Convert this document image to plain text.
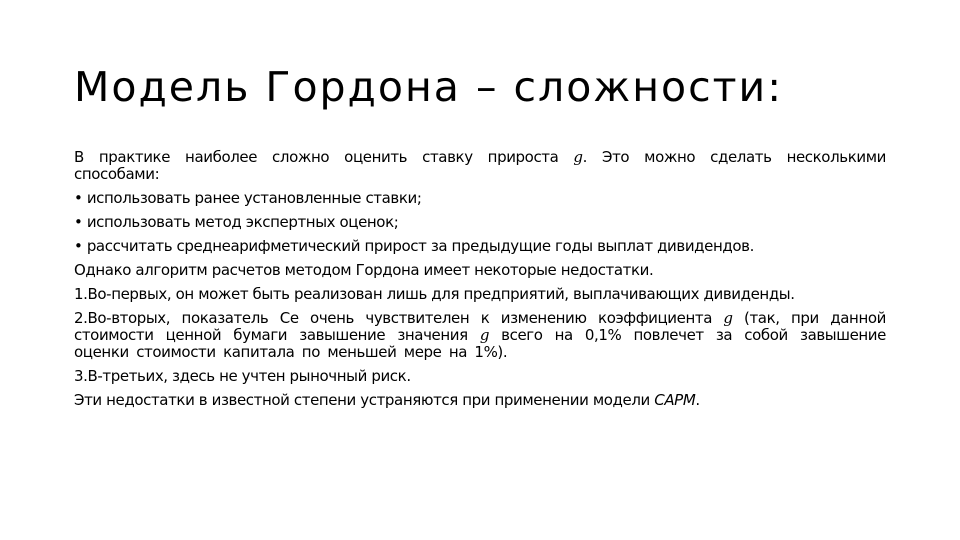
Модель Гордона – сложности:

В практике наиболее сложно оценить ставку прироста g. Это можно сделать несколькими способами:

• использовать ранее установленные ставки;

• использовать метод экспертных оценок;

• рассчитать среднеарифметический прирост за предыдущие годы выплат дивидендов.

Однако алгоритм расчетов методом Гордона имеет некоторые недостатки.

1.Во-первых, он может быть реализован лишь для предприятий, выплачивающих дивиденды.

2.Во-вторых, показатель Се очень чувствителен к изменению коэффициента g (так, при данной стоимости ценной бумаги завышение значения g всего на 0,1% повлечет за собой завышение оценки стоимости капитала по меньшей мере на 1%).

3.В-третьих, здесь не учтен рыночный риск.

Эти недостатки в известной степени устраняются при применении модели CAPM.
